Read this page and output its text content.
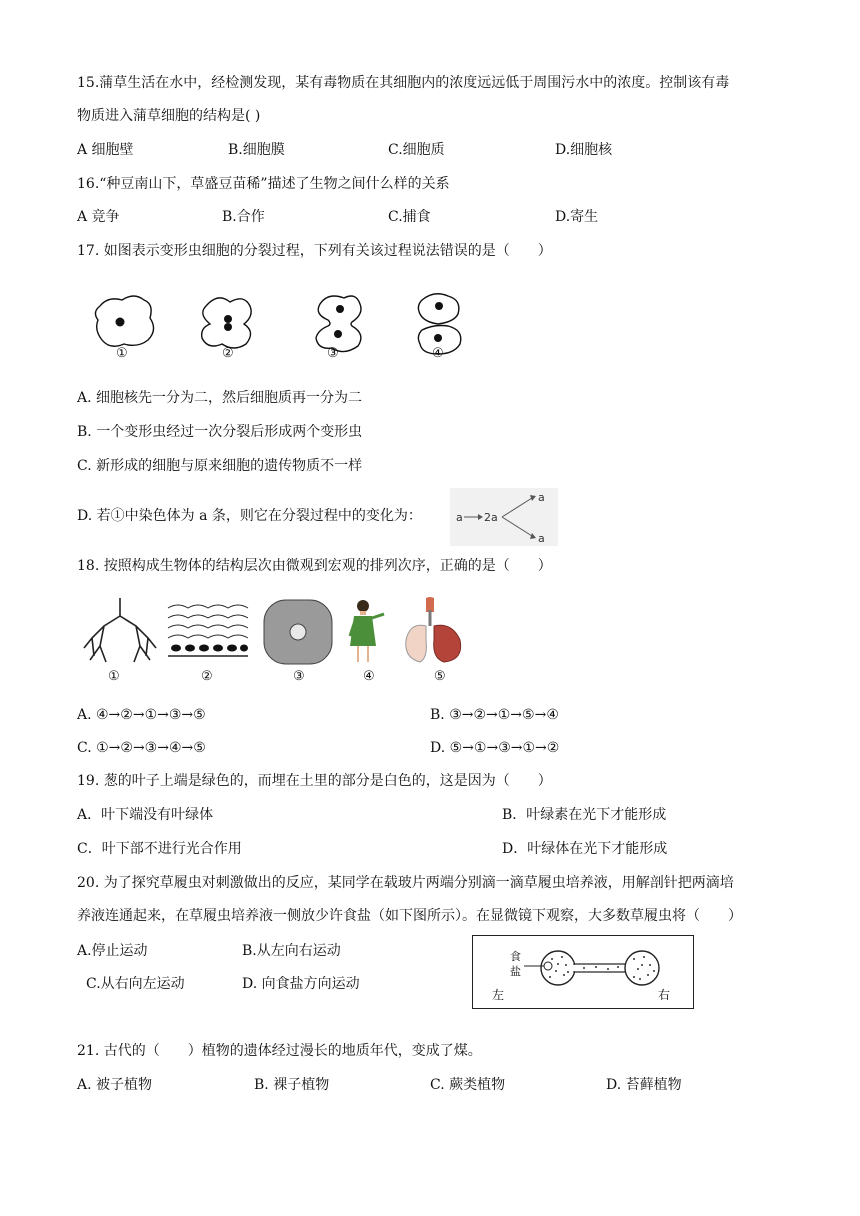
15.蒲草生活在水中，经检测发现，某有毒物质在其细胞内的浓度远远低于周围污水中的浓度。控制该有毒
物质进入蒲草细胞的结构是( )
A 细胞壁	B.细胞膜	C.细胞质	D.细胞核
16.“种豆南山下，草盛豆苗稀”描述了生物之间什么样的关系
A 竞争	B.合作	C.捕食	D.寄生
17. 如图表示变形虫细胞的分裂过程，下列有关该过程说法错误的是（　　）
①	②	③	④
A. 细胞核先一分为二，然后细胞质再一分为二
B. 一个变形虫经过一次分裂后形成两个变形虫
C. 新形成的细胞与原来细胞的遗传物质不一样
D. 若①中染色体为 a 条，则它在分裂过程中的变化为：	a 2a
a
a
18. 按照构成生物体的结构层次由微观到宏观的排列次序，正确的是（　　）
①	②	③	④	⑤
A. ④→②→①→③→⑤	B. ③→②→①→⑤→④
C. ①→②→③→④→⑤	D. ⑤→①→③→①→②
19. 葱的叶子上端是绿色的，而埋在土里的部分是白色的，这是因为（　　）
A．叶下端没有叶绿体	B．叶绿素在光下才能形成
C．叶下部不进行光合作用	D．叶绿体在光下才能形成
20. 为了探究草履虫对刺激做出的反应，某同学在载玻片两端分别滴一滴草履虫培养液，用解剖针把两滴培
养液连通起来，在草履虫培养液一侧放少许食盐（如下图所示）。在显微镜下观察，大多数草履虫将（　　）
A.停止运动	B.从左向右运动
C.从右向左运动	D. 向食盐方向运动
食
盐
左	右
21. 古代的（　　）植物的遗体经过漫长的地质年代，变成了煤。
A. 被子植物	B. 裸子植物	C. 蕨类植物	D. 苔藓植物
